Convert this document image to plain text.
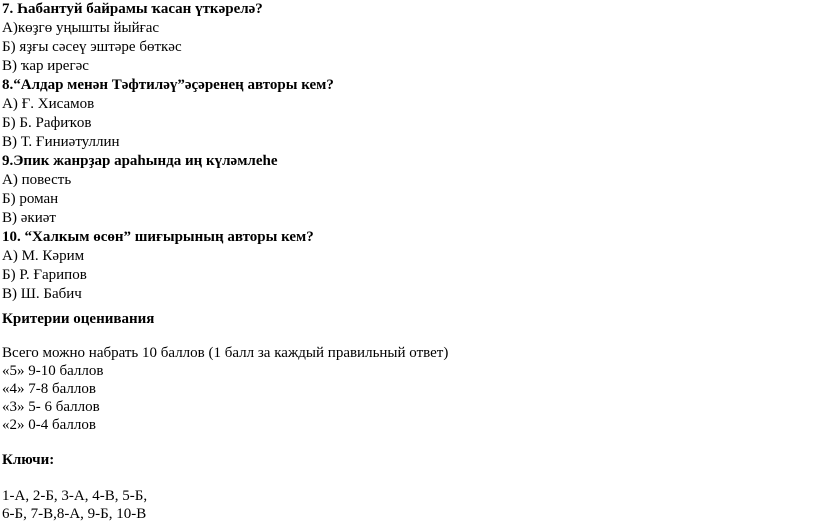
7. Һабантуй байрамы ҡасан үткәрелә?

А)көҙгө уңышты йыйғас

Б) яҙғы сәсеү эштәре бөткәс

В) ҡар ирегәс

8.“Алдар менән Тәфтиләү”әҫәренең авторы кем?

А) Ғ. Хисамов

Б) Б. Рафиҡов

В) Т. Ғиниәтуллин

9.Эпик жанрҙар араһында иң күләмлеһе

А) повесть

Б) роман

В) әкиәт

10. “Халкым өсөн” шиғырының авторы кем?

А) М. Кәрим

Б) Р. Ғарипов

В) Ш. Бабич

Критерии оценивания

Всего можно набрать 10 баллов (1 балл за каждый правильный ответ)

«5» 9-10 баллов

«4» 7-8 баллов

«3» 5- 6 баллов

«2» 0-4 баллов

Ключи:

1-А, 2-Б, 3-А, 4-В, 5-Б,

6-Б, 7-В,8-А, 9-Б, 10-В
